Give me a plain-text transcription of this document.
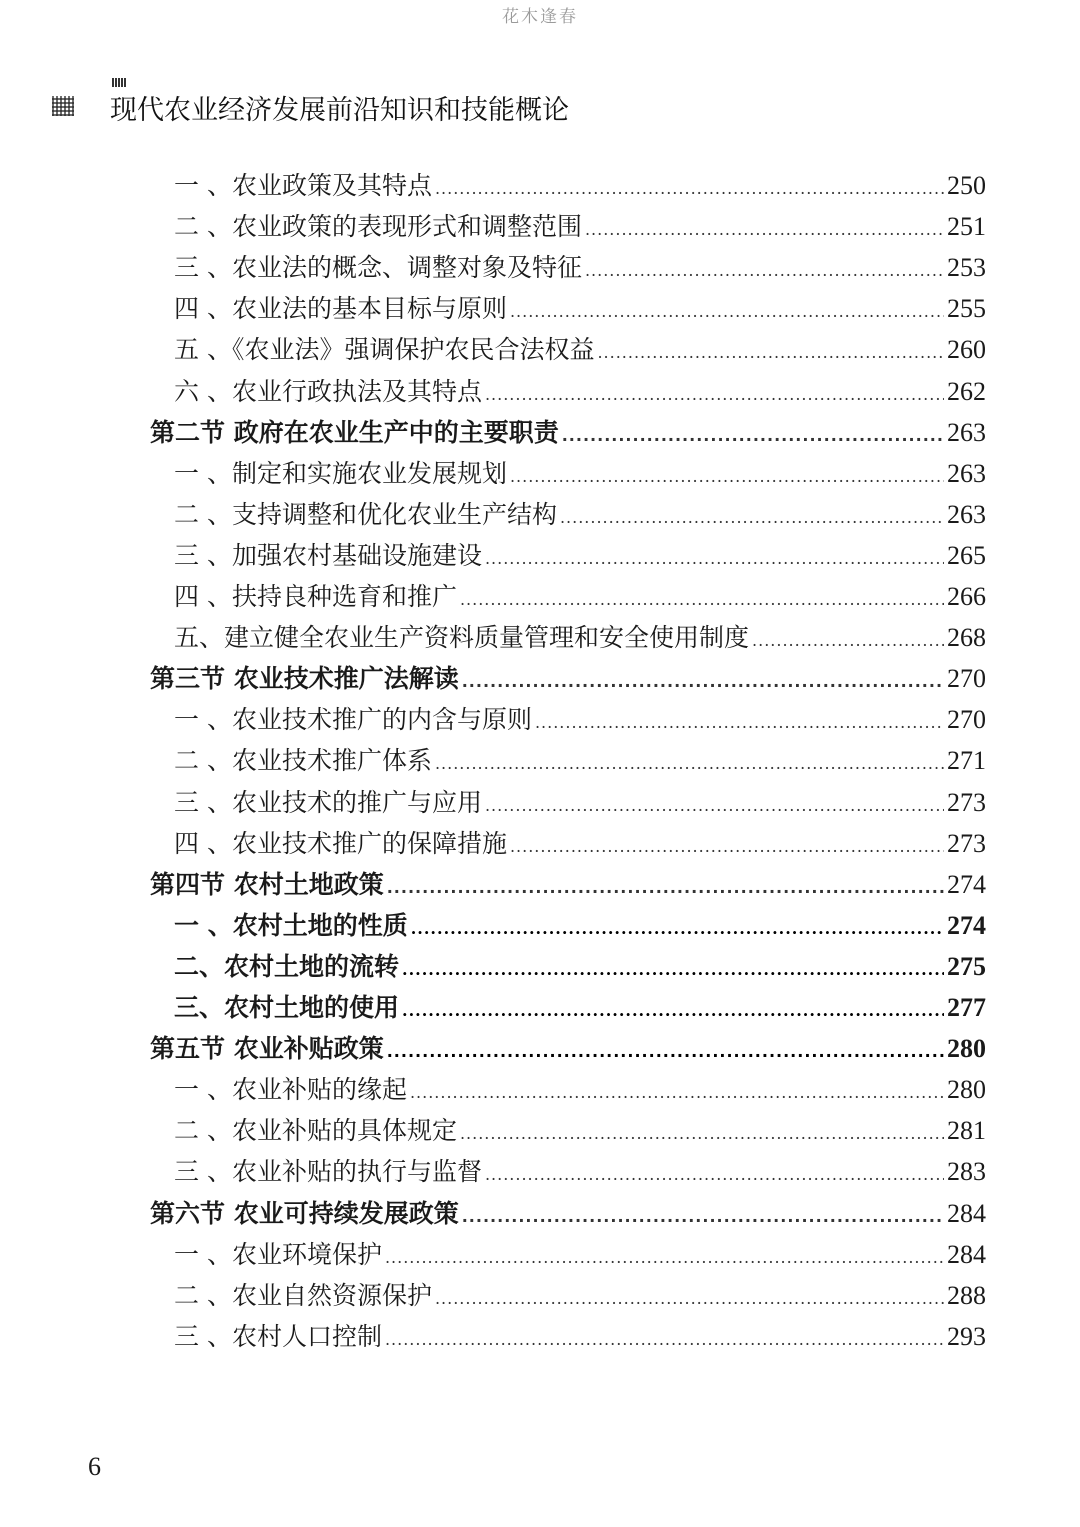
花木逢春
现代农业经济发展前沿知识和技能概论
一 、农业政策及其特点 .....	250
二 、农业政策的表现形式和调整范围 .....	251
三 、农业法的概念、调整对象及特征 .....	253
四 、农业法的基本目标与原则 .....	255
五 、《农业法》强调保护农民合法权益 .....	260
六 、农业行政执法及其特点 .....	262
第二节 政府在农业生产中的主要职责 .....	263
一 、制定和实施农业发展规划 .....	263
二 、支持调整和优化农业生产结构 .....	263
三 、加强农村基础设施建设 .....	265
四 、扶持良种选育和推广 .....	266
五、建立健全农业生产资料质量管理和安全使用制度 .....	268
第三节 农业技术推广法解读 .....	270
一 、农业技术推广的内含与原则 .....	270
二 、农业技术推广体系 .....	271
三 、农业技术的推广与应用 .....	273
四 、农业技术推广的保障措施 .....	273
第四节 农村土地政策 .....	274
一 、农村土地的性质 .....	274
二、农村土地的流转 .....	275
三、农村土地的使用 .....	277
第五节 农业补贴政策 .....	280
一 、农业补贴的缘起 .....	280
二 、农业补贴的具体规定 .....	281
三 、农业补贴的执行与监督 .....	283
第六节 农业可持续发展政策 .....	284
一 、农业环境保护 .....	284
二 、农业自然资源保护 .....	288
三 、农村人口控制 .....	293
6
